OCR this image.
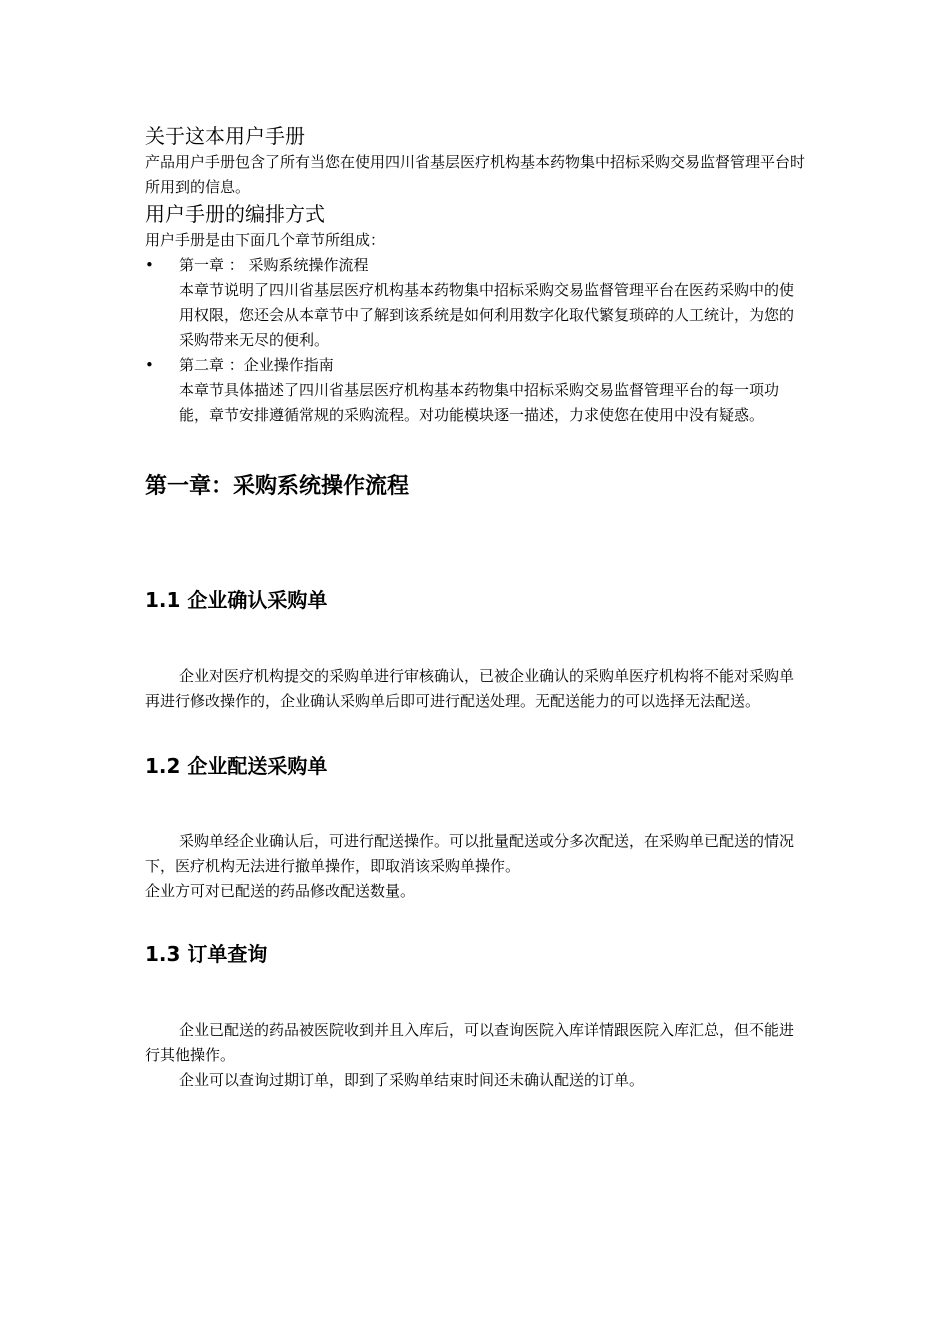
关于这本用户手册

产品用户手册包含了所有当您在使用四川省基层医疗机构基本药物集中招标采购交易监督管理平台时所用到的信息。

用户手册的编排方式

用户手册是由下面几个章节所组成：

•	第一章 ： 采购系统操作流程
本章节说明了四川省基层医疗机构基本药物集中招标采购交易监督管理平台在医药采购中的使用权限，您还会从本章节中了解到该系统是如何利用数字化取代繁复琐碎的人工统计，为您的采购带来无尽的便利。
•	第二章 ：企业操作指南
本章节具体描述了四川省基层医疗机构基本药物集中招标采购交易监督管理平台的每一项功能，章节安排遵循常规的采购流程。对功能模块逐一描述，力求使您在使用中没有疑惑。
第一章：采购系统操作流程
1.1 企业确认采购单

企业对医疗机构提交的采购单进行审核确认，已被企业确认的采购单医疗机构将不能对采购单再进行修改操作的，企业确认采购单后即可进行配送处理。无配送能力的可以选择无法配送。

1.2 企业配送采购单

采购单经企业确认后，可进行配送操作。可以批量配送或分多次配送，在采购单已配送的情况下，医疗机构无法进行撤单操作，即取消该采购单操作。

企业方可对已配送的药品修改配送数量。

1.3 订单查询

企业已配送的药品被医院收到并且入库后，可以查询医院入库详情跟医院入库汇总，但不能进行其他操作。

企业可以查询过期订单，即到了采购单结束时间还未确认配送的订单。
